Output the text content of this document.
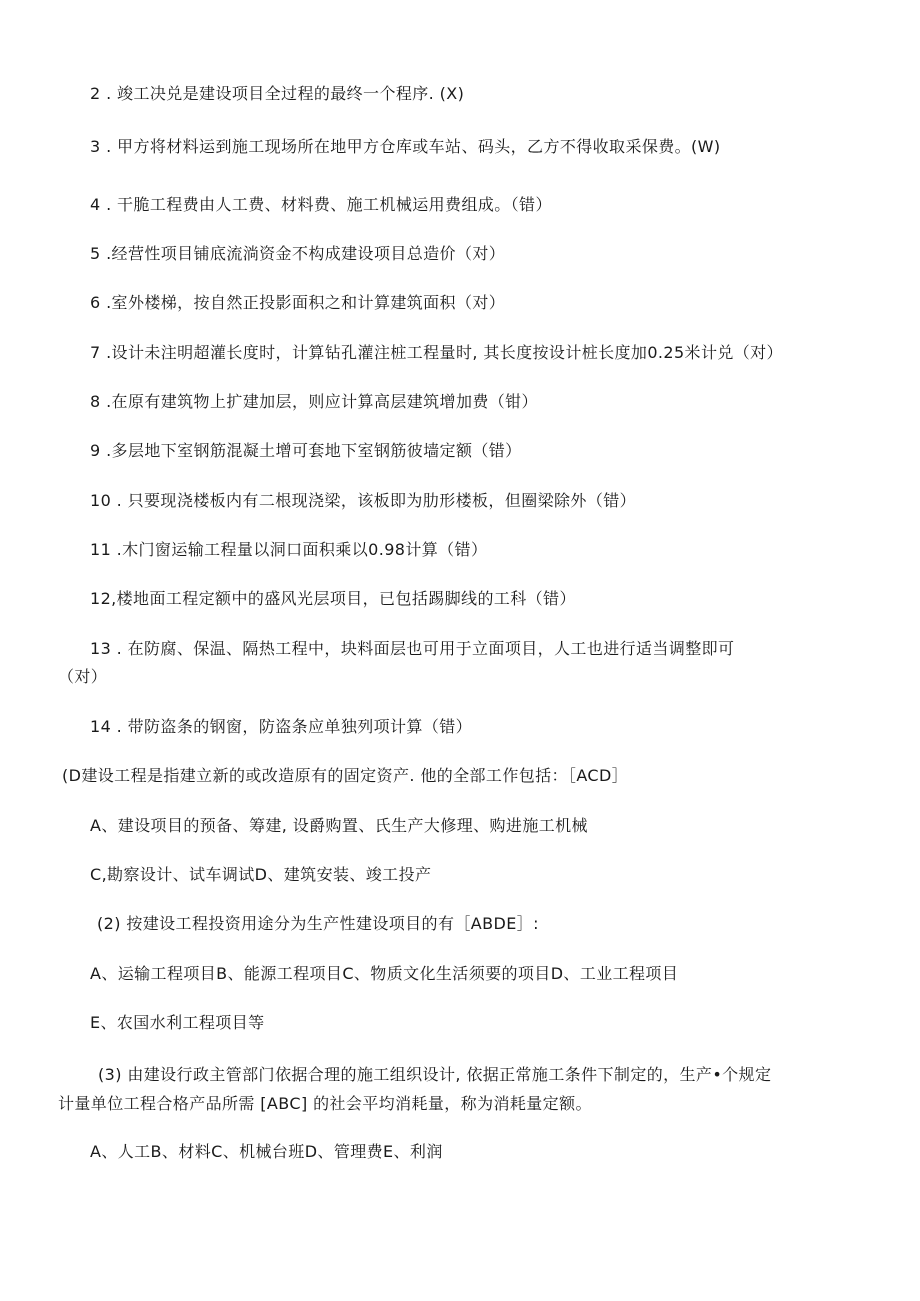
2 . 竣工决兑是建设项目全过程的最终一个程序. (X)
3 . 甲方将材料运到施工现场所在地甲方仓库或车站、码头，乙方不得收取采保费。(W)
4 . 干脆工程费由人工费、材料费、施工机械运用费组成。（错）
5 .经营性项目铺底流淌资金不构成建设项目总造价（对）
6 .室外楼梯，按自然正投影面积之和计算建筑面积（对）
7 .设计未注明超灌长度时，计算钻孔灌注桩工程量时, 其长度按设计桩长度加0.25米计兑（对）
8 .在原有建筑物上扩建加层，则应计算高层建筑增加费（钳）
9 .多层地下室钢筋混凝土增可套地下室钢筋彼墙定额（错）
10 . 只要现浇楼板内有二根现浇梁，该板即为肋形楼板，但圈梁除外（错）
11 .木门窗运输工程量以洞口面积乘以0.98计算（错）
12,楼地面工程定额中的盛风光层项目，已包括踢脚线的工科（错）
13 . 在防腐、保温、隔热工程中，块料面层也可用于立面项目，人工也进行适当调整即可
（对）
14 . 带防盗条的钢窗，防盗条应单独列项计算（错）
(D建设工程是指建立新的或改造原有的固定资产. 他的全部工作包括：［ACD］
A、建设项目的预备、筹建, 设爵购置、氏生产大修理、购进施工机械
C,勘察设计、试车调试D、建筑安装、竣工投产
(2) 按建设工程投资用途分为生产性建设项目的有［ABDE］:
A、运输工程项目B、能源工程项目C、物质文化生活须要的项目D、工业工程项目
E、农国水利工程项目等
(3) 由建设行政主管部门依据合理的施工组织设计, 依据正常施工条件下制定的，生产•个规定
计量单位工程合格产品所需 [ABC] 的社会平均消耗量，称为消耗量定额。
A、人工B、材料C、机械台班D、管理费E、利润
